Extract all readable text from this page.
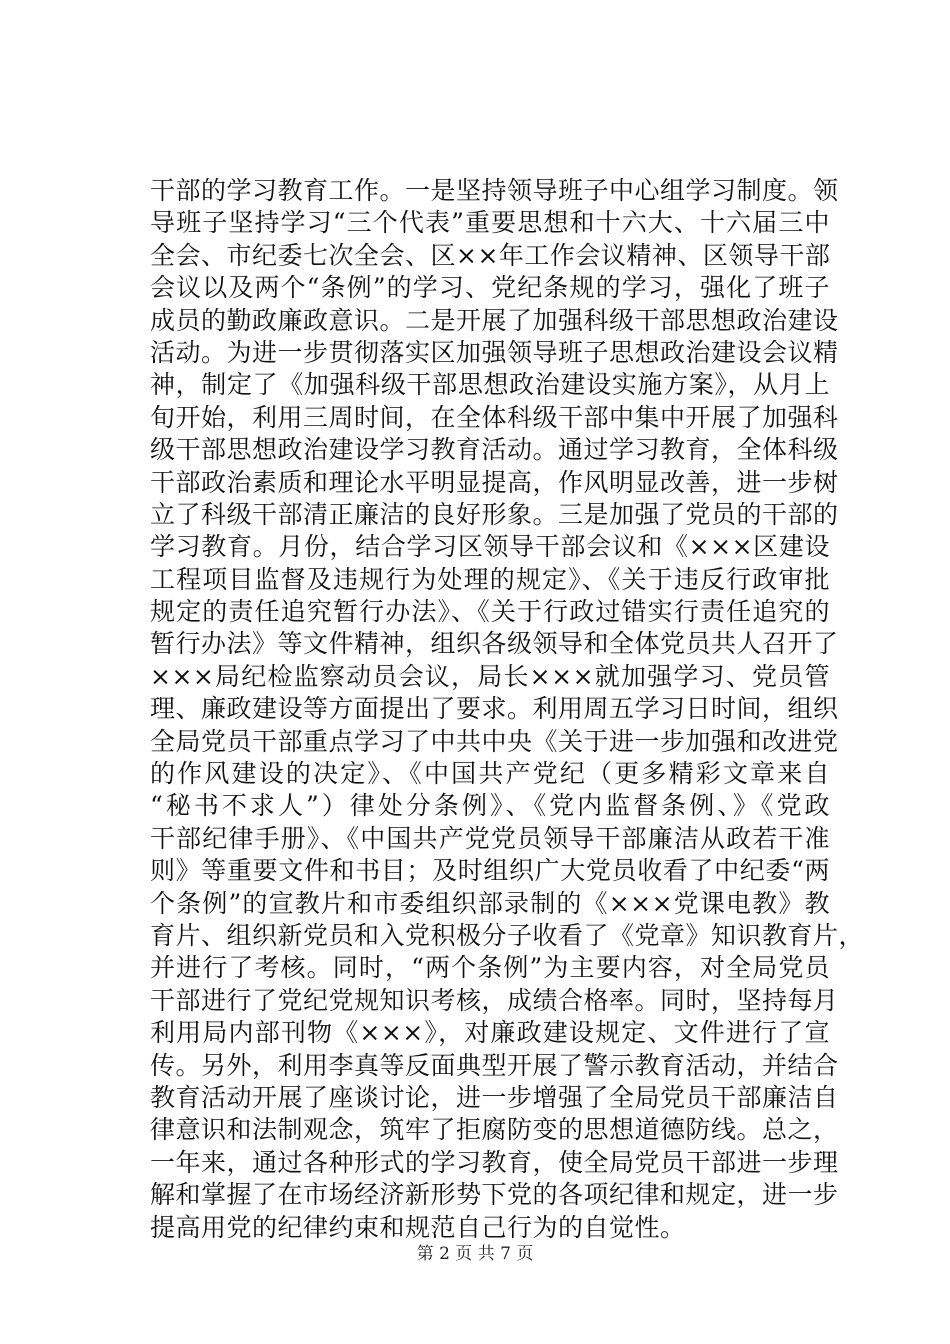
干部的学习教育工作。一是坚持领导班子中心组学习制度。领
导班子坚持学习“三个代表”重要思想和十六大、十六届三中
全会、市纪委七次全会、区××年工作会议精神、区领导干部
会议以及两个“条例”的学习、党纪条规的学习，强化了班子
成员的勤政廉政意识。二是开展了加强科级干部思想政治建设
活动。为进一步贯彻落实区加强领导班子思想政治建设会议精
神，制定了《加强科级干部思想政治建设实施方案》，从月上
旬开始，利用三周时间，在全体科级干部中集中开展了加强科
级干部思想政治建设学习教育活动。通过学习教育，全体科级
干部政治素质和理论水平明显提高，作风明显改善，进一步树
立了科级干部清正廉洁的良好形象。三是加强了党员的干部的
学习教育。月份，结合学习区领导干部会议和《×××区建设
工程项目监督及违规行为处理的规定》、《关于违反行政审批
规定的责任追究暂行办法》、《关于行政过错实行责任追究的
暂行办法》等文件精神，组织各级领导和全体党员共人召开了
×××局纪检监察动员会议，局长×××就加强学习、党员管
理、廉政建设等方面提出了要求。利用周五学习日时间，组织
全局党员干部重点学习了中共中央《关于进一步加强和改进党
的作风建设的决定》、《中国共产党纪（更多精彩文章来自
“秘书不求人”）律处分条例》、《党内监督条例、》《党政
干部纪律手册》、《中国共产党党员领导干部廉洁从政若干准
则》等重要文件和书目；及时组织广大党员收看了中纪委“两
个条例”的宣教片和市委组织部录制的《×××党课电教》教
育片、组织新党员和入党积极分子收看了《党章》知识教育片，
并进行了考核。同时，“两个条例”为主要内容，对全局党员
干部进行了党纪党规知识考核，成绩合格率。同时，坚持每月
利用局内部刊物《×××》，对廉政建设规定、文件进行了宣
传。另外，利用李真等反面典型开展了警示教育活动，并结合
教育活动开展了座谈讨论，进一步增强了全局党员干部廉洁自
律意识和法制观念，筑牢了拒腐防变的思想道德防线。总之，
一年来，通过各种形式的学习教育，使全局党员干部进一步理
解和掌握了在市场经济新形势下党的各项纪律和规定，进一步
提高用党的纪律约束和规范自己行为的自觉性。
第 2 页 共 7 页
